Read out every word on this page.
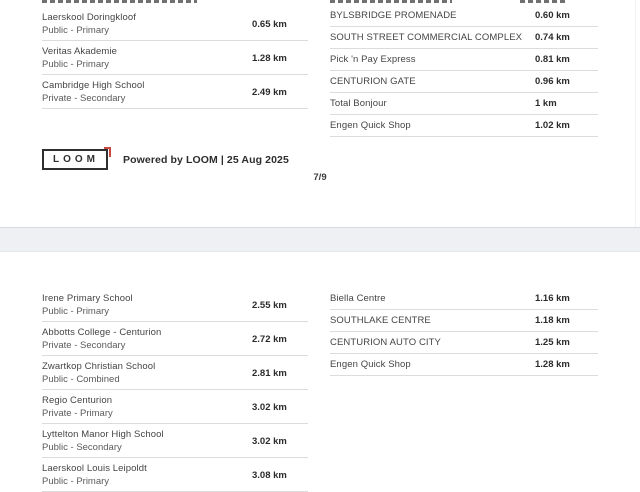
Laerskool Doringkloof
Public - Primary
0.65 km
Veritas Akademie
Public - Primary
1.28 km
Cambridge High School
Private - Secondary
2.49 km
BYLSBRIDGE PROMENADE	0.60 km
SOUTH STREET COMMERCIAL COMPLEX 0.74 km
Pick 'n Pay Express	0.81 km
CENTURION GATE	0.96 km
Total Bonjour	1 km
Engen Quick Shop	1.02 km
LOOM	Powered by LOOM | 25 Aug 2025
7/9
Irene Primary School
Public - Primary
2.55 km
Abbotts College - Centurion
Private - Secondary
2.72 km
Zwartkop Christian School
Public - Combined
2.81 km
Regio Centurion
Private - Primary
3.02 km
Lyttelton Manor High School
Public - Secondary
3.02 km
Laerskool Louis Leipoldt
Public - Primary
3.08 km
Biella Centre	1.16 km
SOUTHLAKE CENTRE	1.18 km
CENTURION AUTO CITY	1.25 km
Engen Quick Shop	1.28 km
